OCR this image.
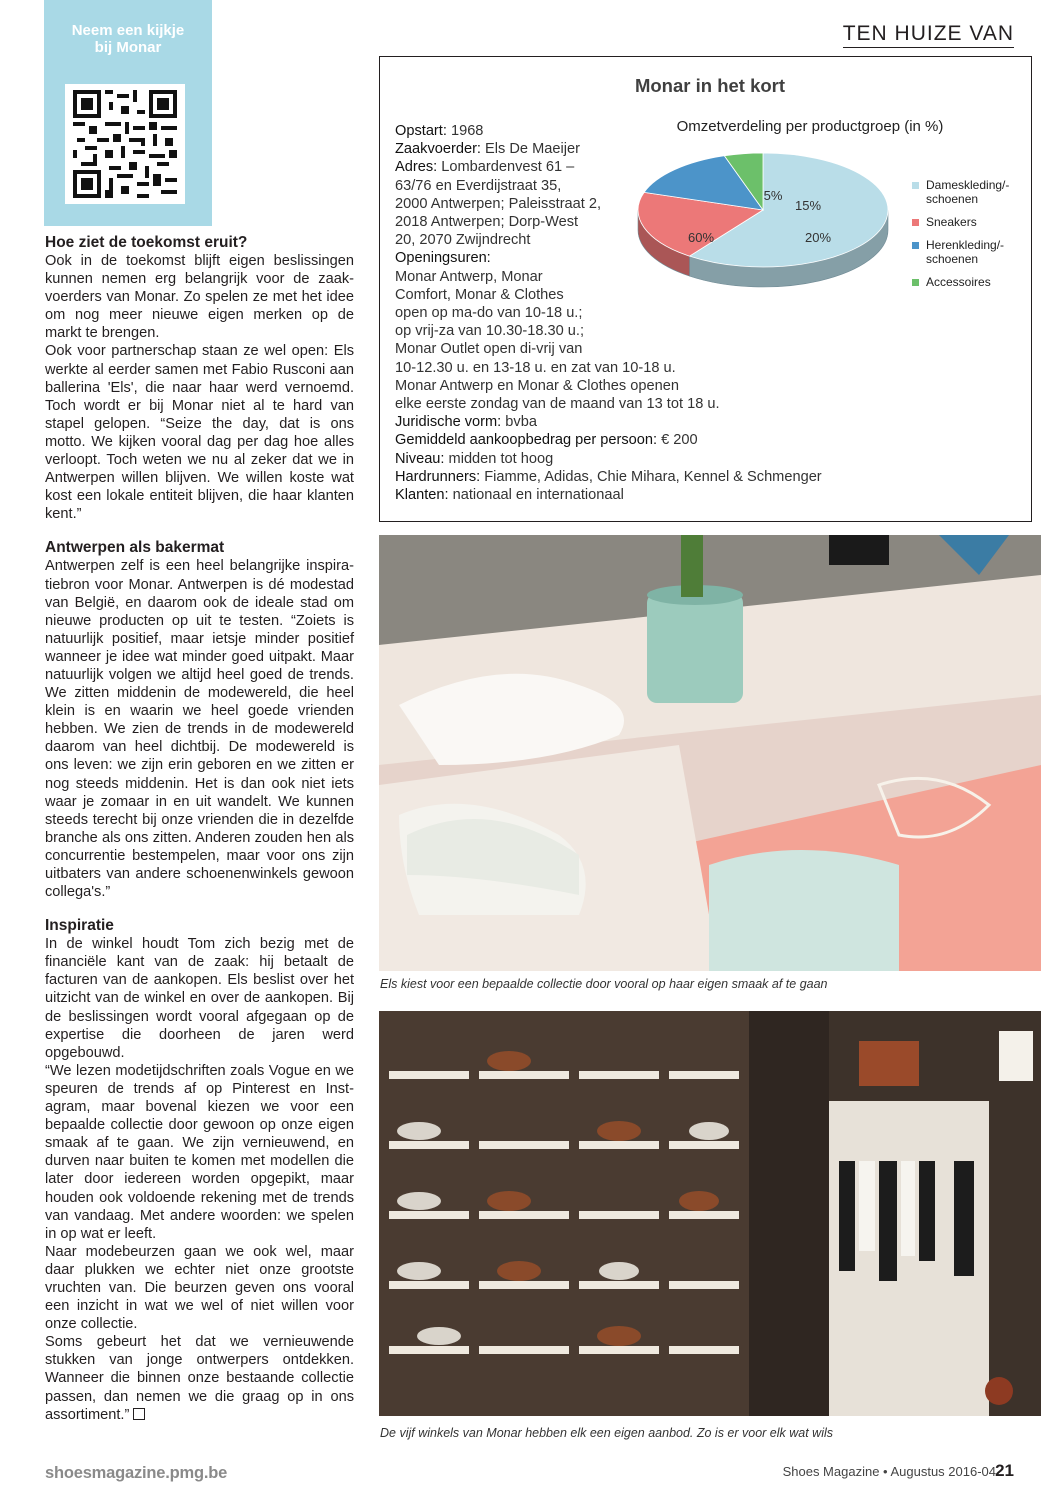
Neem een kijkje
bij Monar
TEN HUIZE VAN
Hoe ziet de toekomst eruit?

Ook in de toekomst blijft eigen beslissingen kunnen nemen erg belangrijk voor de zaakvoerders van Monar. Zo spelen ze met het idee om nog meer nieuwe eigen merken op de markt te brengen.

Ook voor partnerschap staan ze wel open: Els werkte al eerder samen met Fabio Rusconi aan ballerina 'Els', die naar haar werd vernoemd. Toch wordt er bij Monar niet al te hard van stapel gelopen. “Seize the day, dat is ons motto. We kijken vooral dag per dag hoe alles verloopt. Toch weten we nu al zeker dat we in Antwerpen willen blijven. We willen koste wat kost een lokale entiteit blijven, die haar klanten kent.”

Antwerpen als bakermat

Antwerpen zelf is een heel belangrijke inspiratiebron voor Monar. Antwerpen is dé modestad van België, en daarom ook de ideale stad om nieuwe producten op uit te testen. “Zoiets is natuurlijk positief, maar ietsje minder positief wanneer je idee wat minder goed uitpakt. Maar natuurlijk volgen we altijd heel goed de trends. We zitten middenin de modewereld, die heel klein is en waarin we heel goede vrienden hebben. We zien de trends in de modewereld daarom van heel dichtbij. De modewereld is ons leven: we zijn erin geboren en we zitten er nog steeds middenin. Het is dan ook niet iets waar je zomaar in en uit wandelt. We kunnen steeds terecht bij onze vrienden die in dezelfde branche als ons zitten. Anderen zouden hen als concurrentie bestempelen, maar voor ons zijn uitbaters van andere schoenenwinkels gewoon collega's.”

Inspiratie

In de winkel houdt Tom zich bezig met de financiële kant van de zaak: hij betaalt de facturen van de aankopen. Els beslist over het uitzicht van de winkel en over de aankopen. Bij de beslissingen wordt vooral afgegaan op de expertise die doorheen de jaren werd opgebouwd.

“We lezen modetijdschriften zoals Vogue en we speuren de trends af op Pinterest en Instagram, maar bovenal kiezen we voor een bepaalde collectie door gewoon op onze eigen smaak af te gaan. We zijn vernieuwend, en durven naar buiten te komen met modellen die later door iedereen worden opgepikt, maar houden ook voldoende rekening met de trends van vandaag. Met andere woorden: we spelen in op wat er leeft.

Naar modebeurzen gaan we ook wel, maar daar plukken we echter niet onze grootste vruchten van. Die beurzen geven ons vooral een inzicht in wat we wel of niet willen voor onze collectie.

Soms gebeurt het dat we vernieuwende stukken van jonge ontwerpers ontdekken. Wanneer die binnen onze bestaande collectie passen, dan nemen we die graag op in ons assortiment.”

Monar in het kort
Omzetverdeling per productgroep (in %)
60%	20%
15%
5%
Dameskleding/-
schoenen
Sneakers
Herenkleding/-
schoenen
Accessoires
Opstart: 1968
Zaakvoerder: Els De Maeijer
Adres: Lombardenvest 61 –
63/76 en Everdijstraat 35,
2000 Antwerpen; Paleisstraat 2,
2018 Antwerpen; Dorp-West
20, 2070 Zwijndrecht
Openingsuren:
Monar Antwerp, Monar
Comfort, Monar & Clothes
open op ma-do van 10-18 u.;
op vrij-za van 10.30-18.30 u.;
Monar Outlet open di-vrij van
10-12.30 u. en 13-18 u. en zat van 10-18 u.
Monar Antwerp en Monar & Clothes openen
elke eerste zondag van de maand van 13 tot 18 u.
Juridische vorm: bvba
Gemiddeld aankoopbedrag per persoon: € 200
Niveau: midden tot hoog
Hardrunners: Fiamme, Adidas, Chie Mihara, Kennel & Schmenger
Klanten: nationaal en internationaal
Els kiest voor een bepaalde collectie door vooral op haar eigen smaak af te gaan
De vijf winkels van Monar hebben elk een eigen aanbod. Zo is er voor elk wat wils
shoesmagazine.pmg.be	Shoes Magazine • Augustus 2016-04 21
